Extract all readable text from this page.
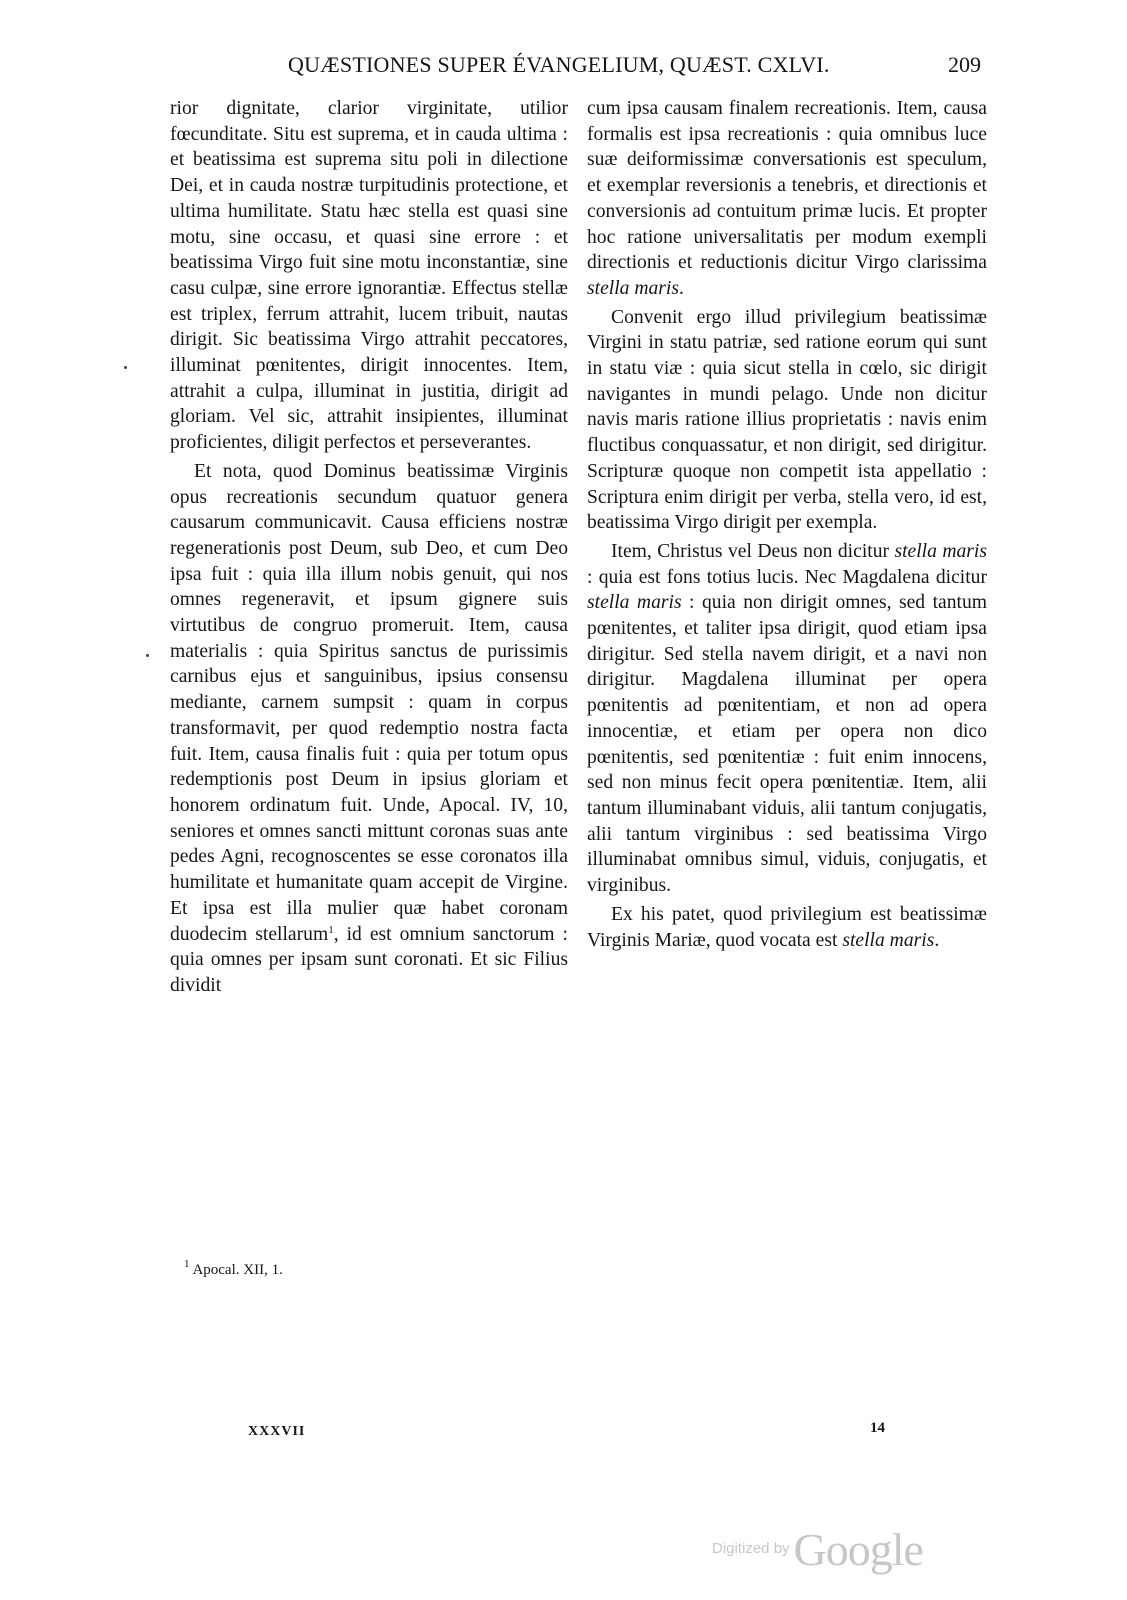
QUÆSTIONES SUPER ÉVANGELIUM, QUÆST. CXLVI.	209

rior dignitate, clarior virginitate, utilior fœcunditate. Situ est suprema, et in cauda ultima : et beatissima est suprema situ poli in dilectione Dei, et in cauda nostræ turpitudinis protectione, et ultima humilitate. Statu hæc stella est quasi sine motu, sine occasu, et quasi sine errore : et beatissima Virgo fuit sine motu inconstantiæ, sine casu culpæ, sine errore ignorantiæ. Effectus stellæ est triplex, ferrum attrahit, lucem tribuit, nautas dirigit. Sic beatissima Virgo attrahit peccatores, illuminat pœnitentes, dirigit innocentes. Item, attrahit a culpa, illuminat in justitia, dirigit ad gloriam. Vel sic, attrahit insipientes, illuminat proficientes, diligit perfectos et perseverantes.

Et nota, quod Dominus beatissimæ Virginis opus recreationis secundum quatuor genera causarum communicavit. Causa efficiens nostræ regenerationis post Deum, sub Deo, et cum Deo ipsa fuit : quia illa illum nobis genuit, qui nos omnes regeneravit, et ipsum gignere suis virtutibus de congruo promeruit. Item, causa materialis : quia Spiritus sanctus de purissimis carnibus ejus et sanguinibus, ipsius consensu mediante, carnem sumpsit : quam in corpus transformavit, per quod redemptio nostra facta fuit. Item, causa finalis fuit : quia per totum opus redemptionis post Deum in ipsius gloriam et honorem ordinatum fuit. Unde, Apocal. IV, 10, seniores et omnes sancti mittunt coronas suas ante pedes Agni, recognoscentes se esse coronatos illa humilitate et humanitate quam accepit de Virgine. Et ipsa est illa mulier quæ habet coronam duodecim stellarum$^1$, id est omnium sanctorum : quia omnes per ipsam sunt coronati. Et sic Filius dividit

cum ipsa causam finalem recreationis. Item, causa formalis est ipsa recreationis : quia omnibus luce suæ deiformissimæ conversationis est speculum, et exemplar reversionis a tenebris, et directionis et conversionis ad contuitum primæ lucis. Et propter hoc ratione universalitatis per modum exempli directionis et reductionis dicitur Virgo clarissima stella maris.

Convenit ergo illud privilegium beatissimæ Virgini in statu patriæ, sed ratione eorum qui sunt in statu viæ : quia sicut stella in cœlo, sic dirigit navigantes in mundi pelago. Unde non dicitur navis maris ratione illius proprietatis : navis enim fluctibus conquassatur, et non dirigit, sed dirigitur. Scripturæ quoque non competit ista appellatio : Scriptura enim dirigit per verba, stella vero, id est, beatissima Virgo dirigit per exempla.

Item, Christus vel Deus non dicitur stella maris : quia est fons totius lucis. Nec Magdalena dicitur stella maris : quia non dirigit omnes, sed tantum pœnitentes, et taliter ipsa dirigit, quod etiam ipsa dirigitur. Sed stella navem dirigit, et a navi non dirigitur. Magdalena illuminat per opera pœnitentis ad pœnitentiam, et non ad opera innocentiæ, et etiam per opera non dico pœnitentis, sed pœnitentiæ : fuit enim innocens, sed non minus fecit opera pœnitentiæ. Item, alii tantum illuminabant viduis, alii tantum conjugatis, alii tantum virginibus : sed beatissima Virgo illuminabat omnibus simul, viduis, conjugatis, et virginibus.

Ex his patet, quod privilegium est beatissimæ Virginis Mariæ, quod vocata est stella maris.

$^1$ Apocal. XII, 1.
XXXVII	14
Digitized by Google
